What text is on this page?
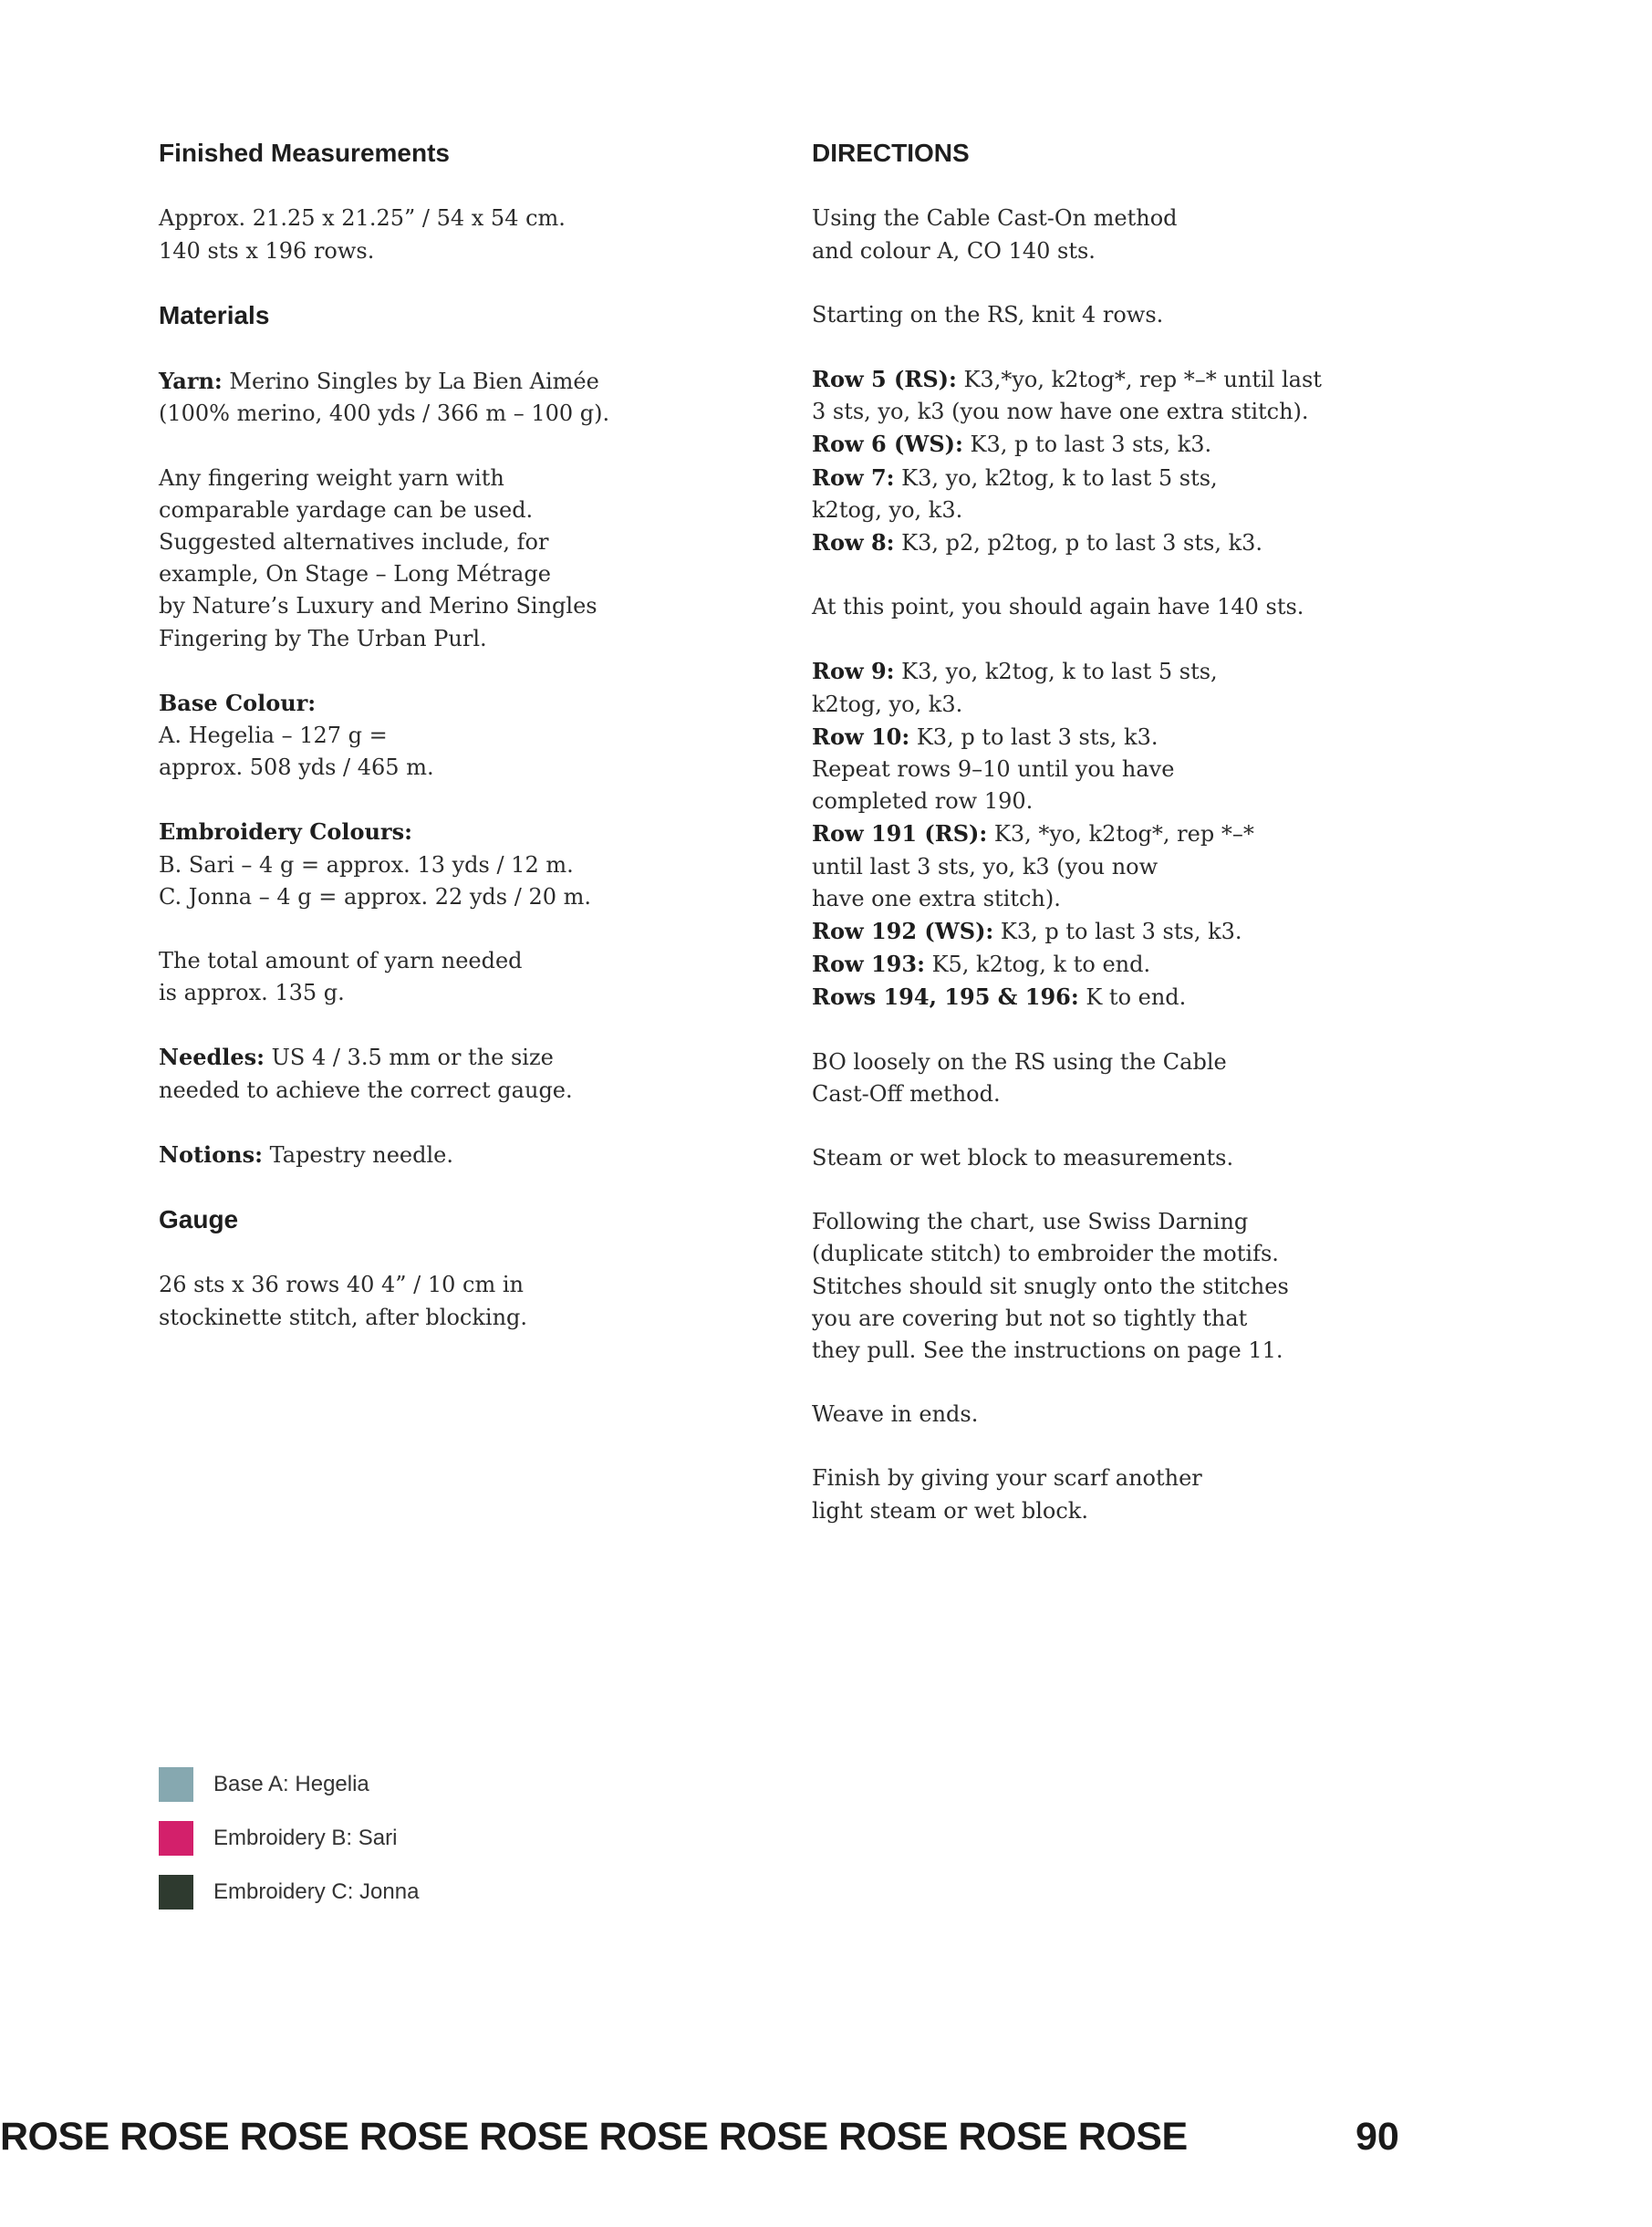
Finished Measurements

Approx. 21.25 x 21.25” / 54 x 54 cm.
140 sts x 196 rows.

Materials

Yarn: Merino Singles by La Bien Aimée
(100% merino, 400 yds / 366 m – 100 g).

Any fingering weight yarn with
comparable yardage can be used.
Suggested alternatives include, for
example, On Stage – Long Métrage
by Nature’s Luxury and Merino Singles
Fingering by The Urban Purl.

Base Colour:
A. Hegelia – 127 g =
approx. 508 yds / 465 m.

Embroidery Colours:
B. Sari – 4 g = approx. 13 yds / 12 m.
C. Jonna – 4 g = approx. 22 yds / 20 m.

The total amount of yarn needed
is approx. 135 g.

Needles: US 4 / 3.5 mm or the size
needed to achieve the correct gauge.

Notions: Tapestry needle.

Gauge

26 sts x 36 rows 40 4” / 10 cm in
stockinette stitch, after blocking.

DIRECTIONS

Using the Cable Cast-On method
and colour A, CO 140 sts.

Starting on the RS, knit 4 rows.

Row 5 (RS): K3,*yo, k2tog*, rep *–* until last
3 sts, yo, k3 (you now have one extra stitch).
Row 6 (WS): K3, p to last 3 sts, k3.
Row 7: K3, yo, k2tog, k to last 5 sts,
k2tog, yo, k3.
Row 8: K3, p2, p2tog, p to last 3 sts, k3.

At this point, you should again have 140 sts.

Row 9: K3, yo, k2tog, k to last 5 sts,
k2tog, yo, k3.
Row 10: K3, p to last 3 sts, k3.
Repeat rows 9–10 until you have
completed row 190.
Row 191 (RS): K3, *yo, k2tog*, rep *–*
until last 3 sts, yo, k3 (you now
have one extra stitch).
Row 192 (WS): K3, p to last 3 sts, k3.
Row 193: K5, k2tog, k to end.
Rows 194, 195 & 196: K to end.

BO loosely on the RS using the Cable
Cast-Off method.

Steam or wet block to measurements.

Following the chart, use Swiss Darning
(duplicate stitch) to embroider the motifs.
Stitches should sit snugly onto the stitches
you are covering but not so tightly that
they pull. See the instructions on page 11.

Weave in ends.

Finish by giving your scarf another
light steam or wet block.

Base A: Hegelia
Embroidery B: Sari
Embroidery C: Jonna
ROSE ROSE ROSE ROSE ROSE ROSE ROSE ROSE ROSE ROSE	90
